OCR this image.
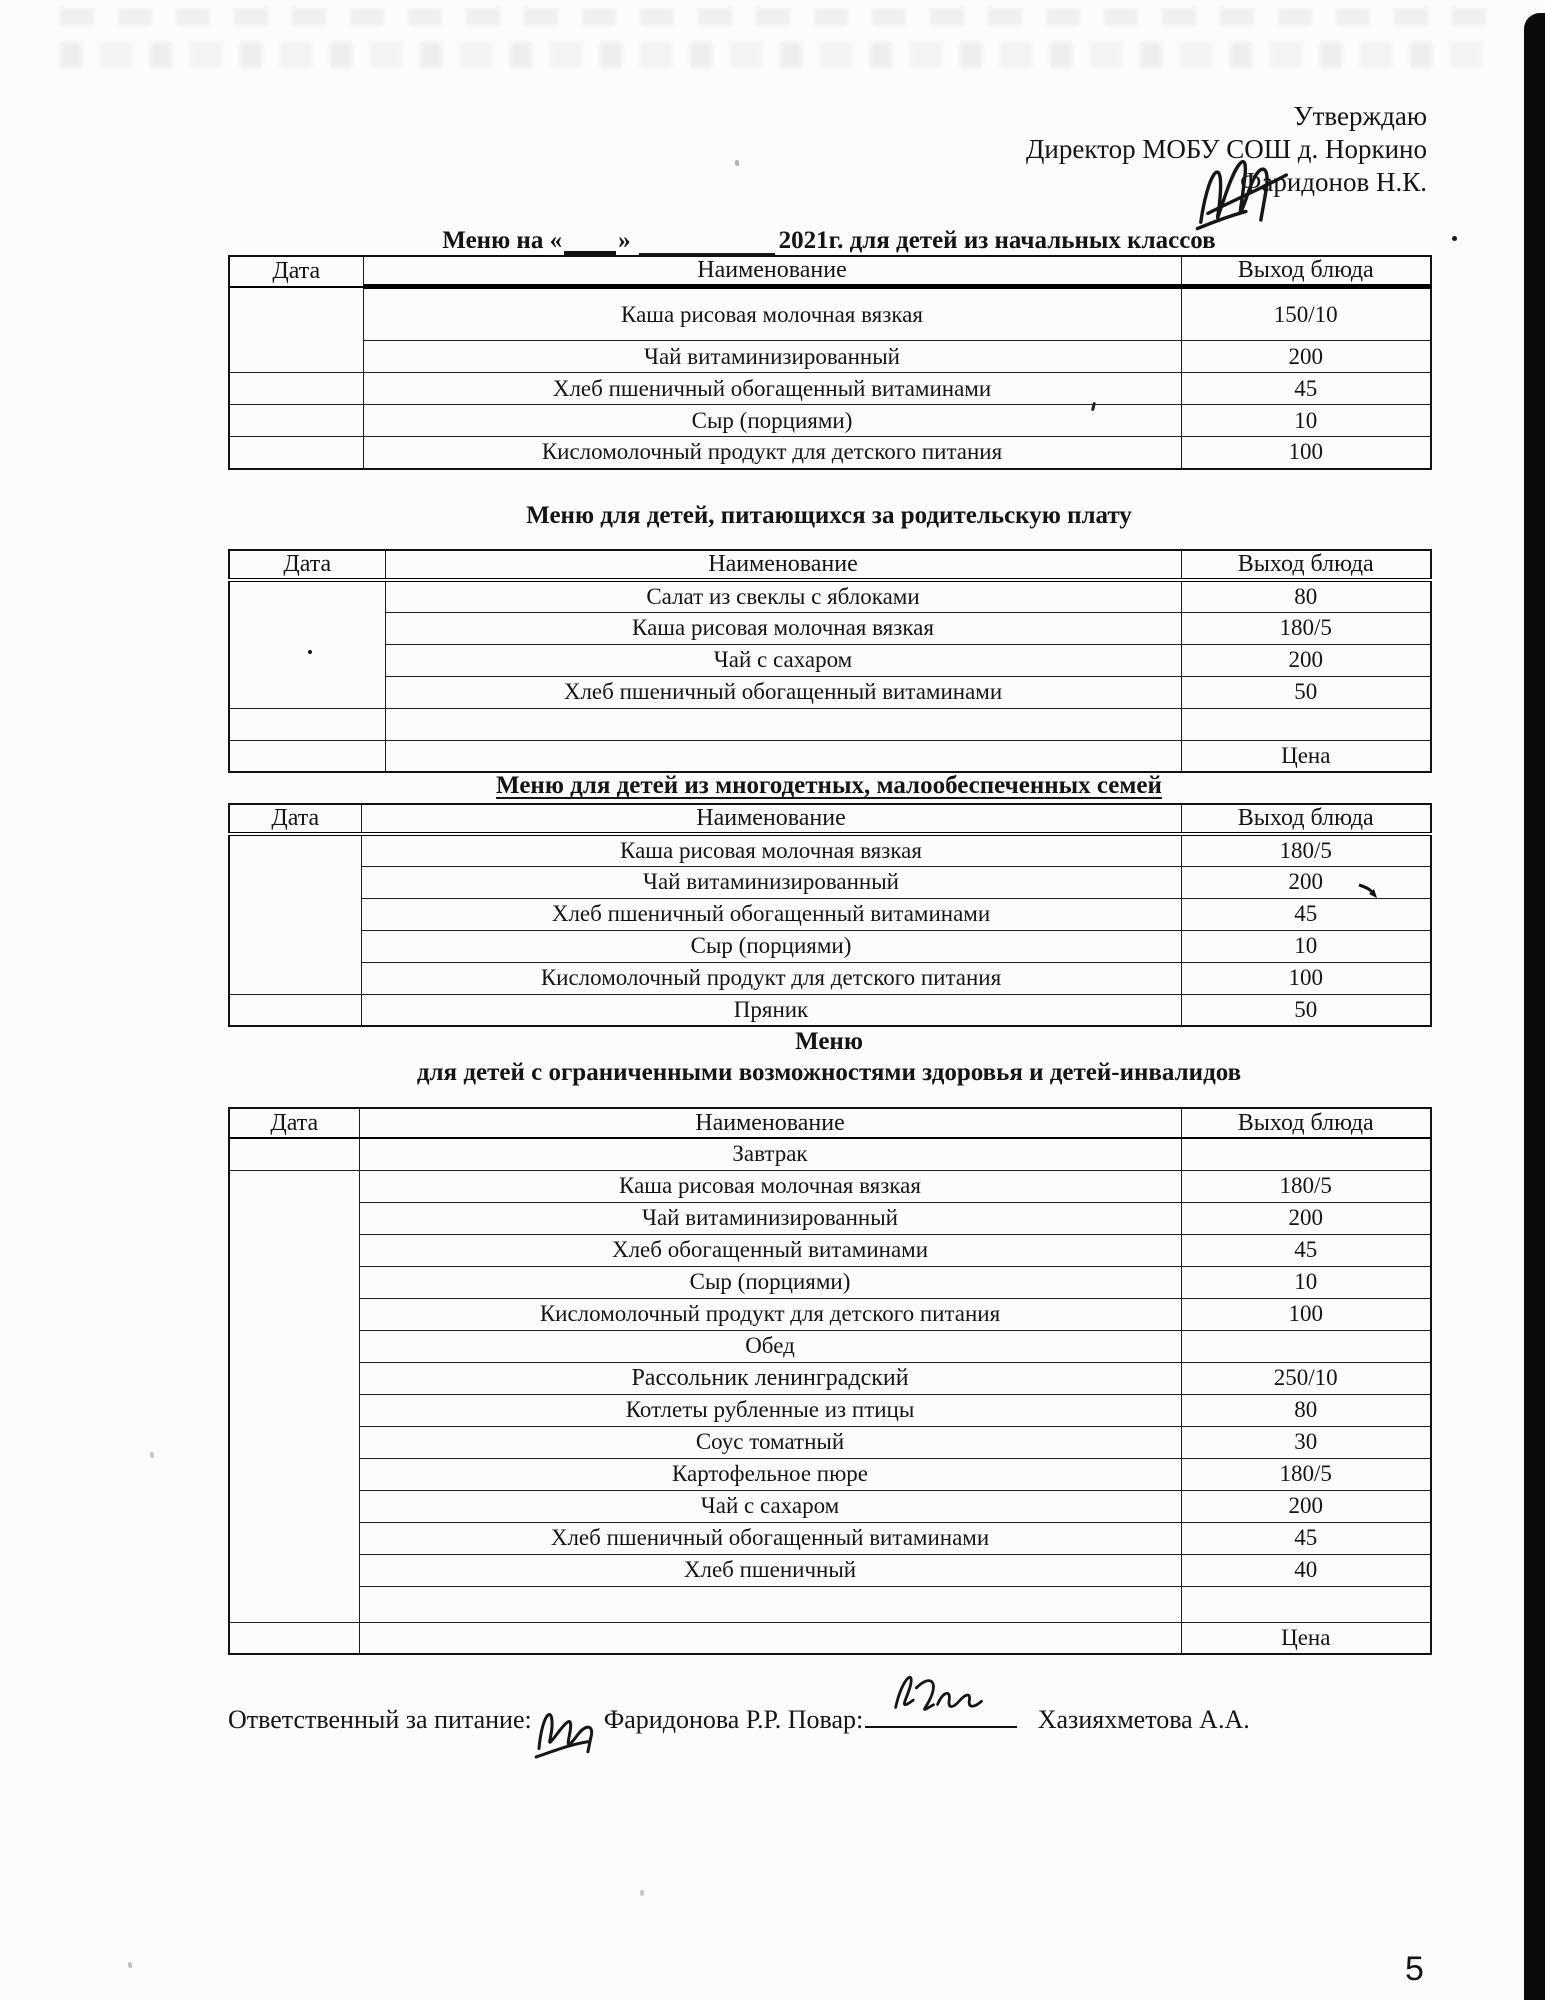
Утверждаю
Директор МОБУ СОШ д. Норкино
Фаридонов Н.К.
Меню на « »	2021г. для детей из начальных классов
Дата	Наименование	Выход блюда
	Каша рисовая молочная вязкая	150/10
	Чай витаминизированный	200
	Хлеб пшеничный обогащенный витаминами	45
	Сыр (порциями)	10
	Кисломолочный продукт для детского питания	100
Меню для детей, питающихся за родительскую плату
Дата	Наименование	Выход блюда
	Салат из свеклы с яблоками	80
	Каша рисовая молочная вязкая	180/5
	Чай с сахаром	200
	Хлеб пшеничный обогащенный витаминами	50

		Цена
Меню для детей из многодетных, малообеспеченных семей
Дата	Наименование	Выход блюда
	Каша рисовая молочная вязкая	180/5
	Чай витаминизированный	200
	Хлеб пшеничный обогащенный витаминами	45
	Сыр (порциями)	10
	Кисломолочный продукт для детского питания	100
	Пряник	50
Меню
для детей с ограниченными возможностями здоровья и детей-инвалидов
Дата	Наименование	Выход блюда
	Завтрак	
	Каша рисовая молочная вязкая	180/5
	Чай витаминизированный	200
	Хлеб обогащенный витаминами	45
	Сыр (порциями)	10
	Кисломолочный продукт для детского питания	100
	Обед	
	Рассольник ленинградский	250/10
	Котлеты рубленные из птицы	80
	Соус томатный	30
	Картофельное пюре	180/5
	Чай с сахаром	200
	Хлеб пшеничный обогащенный витаминами	45
	Хлеб пшеничный	40

		Цена
Ответственный за питание:	Фаридонова Р.Р. Повар:	Хазияхметова А.А.
5
